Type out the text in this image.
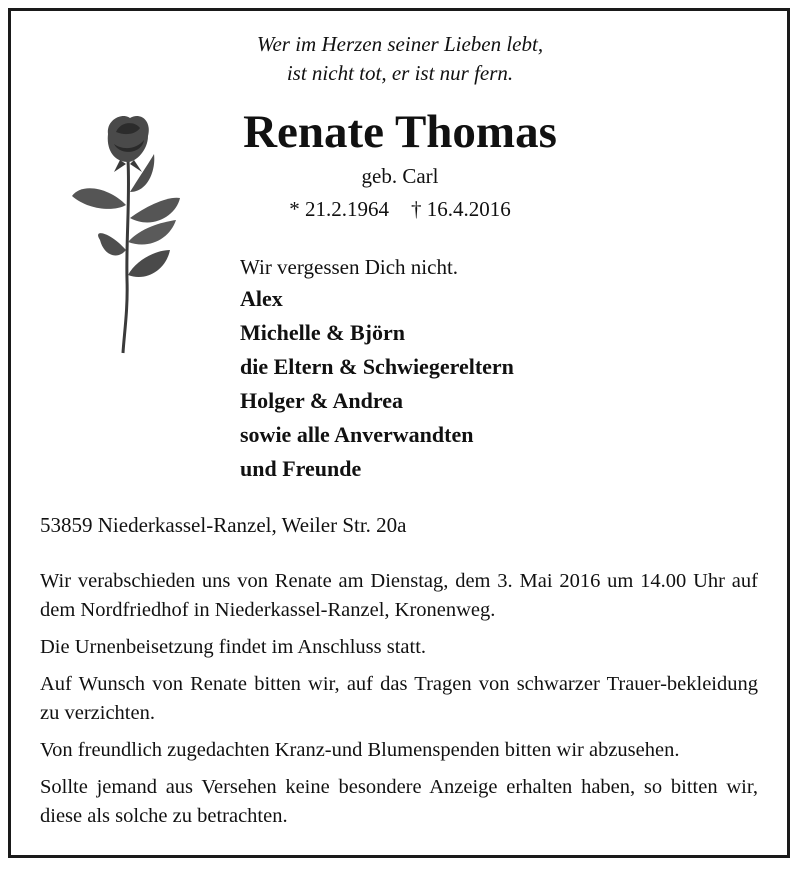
Wer im Herzen seiner Lieben lebt,
ist nicht tot, er ist nur fern.
Renate Thomas
geb. Carl
* 21.2.1964 † 16.4.2016
Wir vergessen Dich nicht.
Alex
Michelle & Björn
die Eltern & Schwiegereltern
Holger & Andrea
sowie alle Anverwandten
und Freunde
53859 Niederkassel-Ranzel, Weiler Str. 20a

Wir verabschieden uns von Renate am Dienstag, dem 3. Mai 2016 um 14.00 Uhr auf dem Nordfriedhof in Niederkassel-Ranzel, Kronenweg.

Die Urnenbeisetzung findet im Anschluss statt.

Auf Wunsch von Renate bitten wir, auf das Tragen von schwarzer Trauer-bekleidung zu verzichten.

Von freundlich zugedachten Kranz-und Blumenspenden bitten wir abzusehen.

Sollte jemand aus Versehen keine besondere Anzeige erhalten haben, so bitten wir, diese als solche zu betrachten.
